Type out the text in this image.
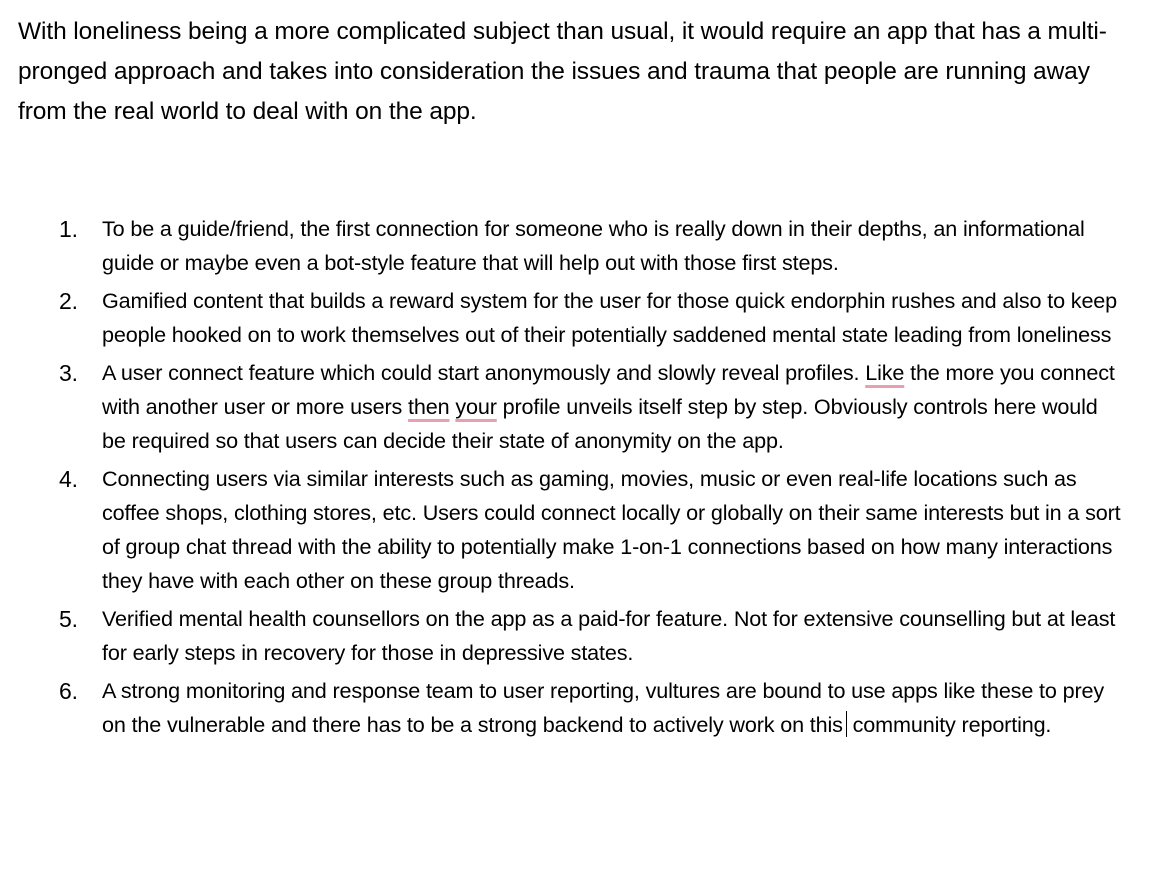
With loneliness being a more complicated subject than usual, it would require an app that has a multi-pronged approach and takes into consideration the issues and trauma that people are running away from the real world to deal with on the app.

1.	To be a guide/friend, the first connection for someone who is really down in their depths, an informational guide or maybe even a bot-style feature that will help out with those first steps.
2.	Gamified content that builds a reward system for the user for those quick endorphin rushes and also to keep people hooked on to work themselves out of their potentially saddened mental state leading from loneliness
3.	A user connect feature which could start anonymously and slowly reveal profiles. Like the more you connect with another user or more users then your profile unveils itself step by step. Obviously controls here would be required so that users can decide their state of anonymity on the app.
4.	Connecting users via similar interests such as gaming, movies, music or even real-life locations such as coffee shops, clothing stores, etc. Users could connect locally or globally on their same interests but in a sort of group chat thread with the ability to potentially make 1-on-1 connections based on how many interactions they have with each other on these group threads.
5.	Verified mental health counsellors on the app as a paid-for feature. Not for extensive counselling but at least for early steps in recovery for those in depressive states.
6.	A strong monitoring and response team to user reporting, vultures are bound to use apps like these to prey on the vulnerable and there has to be a strong backend to actively work on this community reporting.
